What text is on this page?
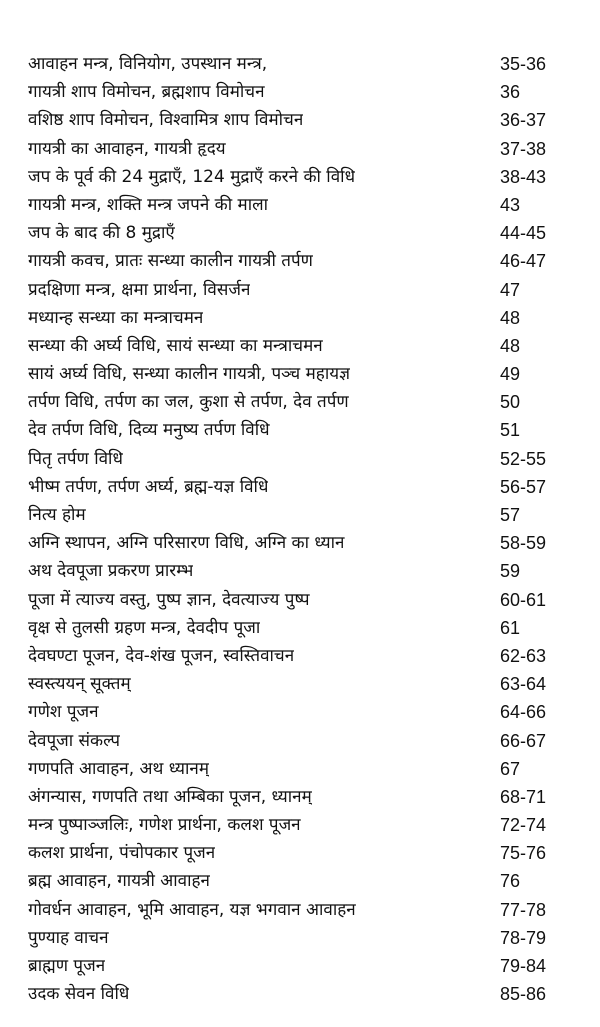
आवाहन मन्त्र, विनियोग, उपस्थान मन्त्र,	35-36
गायत्री शाप विमोचन, ब्रह्मशाप विमोचन	36
वशिष्ठ शाप विमोचन, विश्वामित्र शाप विमोचन	36-37
गायत्री का आवाहन, गायत्री हृदय	37-38
जप के पूर्व की 24 मुद्राएँ, 124 मुद्राएँ करने की विधि	38-43
गायत्री मन्त्र, शक्ति मन्त्र जपने की माला	43
जप के बाद की 8 मुद्राएँ	44-45
गायत्री कवच, प्रातः सन्ध्या कालीन गायत्री तर्पण	46-47
प्रदक्षिणा मन्त्र, क्षमा प्रार्थना, विसर्जन	47
मध्यान्ह सन्ध्या का मन्त्राचमन	48
सन्ध्या की अर्घ्य विधि, सायं सन्ध्या का मन्त्राचमन	48
सायं अर्घ्य विधि, सन्ध्या कालीन गायत्री, पञ्च महायज्ञ	49
तर्पण विधि, तर्पण का जल, कुशा से तर्पण, देव तर्पण	50
देव तर्पण विधि, दिव्य मनुष्य तर्पण विधि	51
पितृ तर्पण विधि	52-55
भीष्म तर्पण, तर्पण अर्घ्य, ब्रह्म-यज्ञ विधि	56-57
नित्य होम	57
अग्नि स्थापन, अग्नि परिसारण विधि, अग्नि का ध्यान	58-59
अथ देवपूजा प्रकरण प्रारम्भ	59
पूजा में त्याज्य वस्तु, पुष्प ज्ञान, देवत्याज्य पुष्प	60-61
वृक्ष से तुलसी ग्रहण मन्त्र, देवदीप पूजा	61
देवघण्टा पूजन, देव-शंख पूजन, स्वस्तिवाचन	62-63
स्वस्त्ययन् सूक्तम्	63-64
गणेश पूजन	64-66
देवपूजा संकल्प	66-67
गणपति आवाहन, अथ ध्यानम्	67
अंगन्यास, गणपति तथा अम्बिका पूजन, ध्यानम्	68-71
मन्त्र पुष्पाञ्जलिः, गणेश प्रार्थना, कलश पूजन	72-74
कलश प्रार्थना, पंचोपकार पूजन	75-76
ब्रह्म आवाहन, गायत्री आवाहन	76
गोवर्धन आवाहन, भूमि आवाहन, यज्ञ भगवान आवाहन	77-78
पुण्याह वाचन	78-79
ब्राह्मण पूजन	79-84
उदक सेवन विधि	85-86
